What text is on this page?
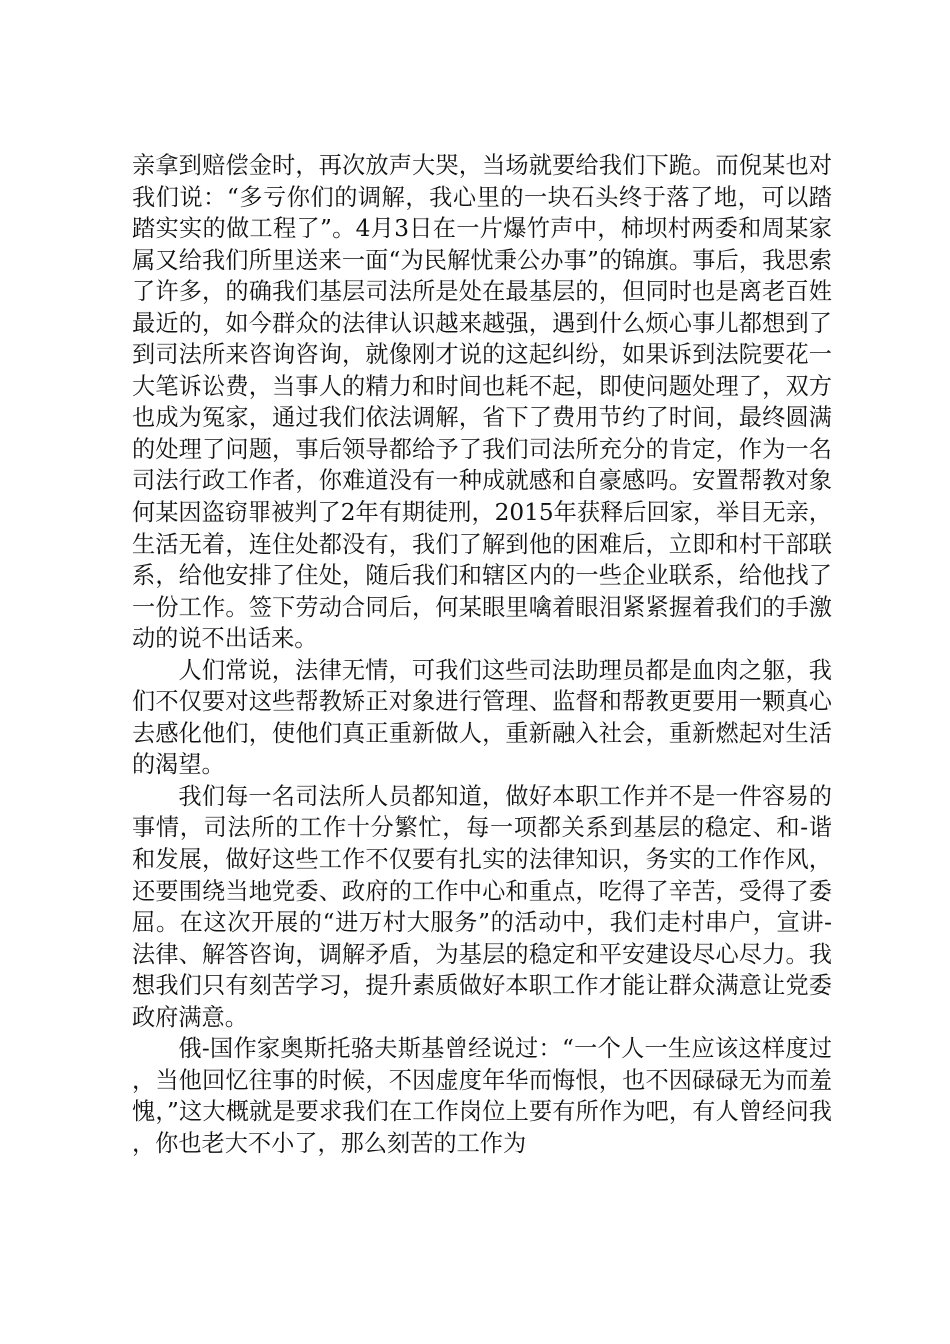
亲拿到赔偿金时，再次放声大哭，当场就要给我们下跪。而倪某也对我们说：“多亏你们的调解，我心里的一块石头终于落了地，可以踏踏实实的做工程了”。4月3日在一片爆竹声中，柿坝村两委和周某家属又给我们所里送来一面“为民解忧秉公办事”的锦旗。事后，我思索了许多，的确我们基层司法所是处在最基层的，但同时也是离老百姓最近的，如今群众的法律认识越来越强，遇到什么烦心事儿都想到了到司法所来咨询咨询，就像刚才说的这起纠纷，如果诉到法院要花一大笔诉讼费，当事人的精力和时间也耗不起，即使问题处理了，双方也成为冤家，通过我们依法调解，省下了费用节约了时间，最终圆满的处理了问题，事后领导都给予了我们司法所充分的肯定，作为一名司法行政工作者，你难道没有一种成就感和自豪感吗。安置帮教对象何某因盗窃罪被判了2年有期徒刑，2015年获释后回家，举目无亲，生活无着，连住处都没有，我们了解到他的困难后，立即和村干部联系，给他安排了住处，随后我们和辖区内的一些企业联系，给他找了一份工作。签下劳动合同后，何某眼里噙着眼泪紧紧握着我们的手激动的说不出话来。

人们常说，法律无情，可我们这些司法助理员都是血肉之躯，我们不仅要对这些帮教矫正对象进行管理、监督和帮教更要用一颗真心去感化他们，使他们真正重新做人，重新融入社会，重新燃起对生活的渴望。

我们每一名司法所人员都知道，做好本职工作并不是一件容易的事情，司法所的工作十分繁忙，每一项都关系到基层的稳定、和-谐和发展，做好这些工作不仅要有扎实的法律知识，务实的工作作风，还要围绕当地党委、政府的工作中心和重点，吃得了辛苦，受得了委屈。在这次开展的“进万村大服务”的活动中，我们走村串户，宣讲-法律、解答咨询，调解矛盾，为基层的稳定和平安建设尽心尽力。我想我们只有刻苦学习，提升素质做好本职工作才能让群众满意让党委政府满意。

俄-国作家奥斯托骆夫斯基曾经说过：“一个人一生应该这样度过，当他回忆往事的时候，不因虚度年华而悔恨，也不因碌碌无为而羞愧，”这大概就是要求我们在工作岗位上要有所作为吧，有人曾经问我，你也老大不小了，那么刻苦的工作为
